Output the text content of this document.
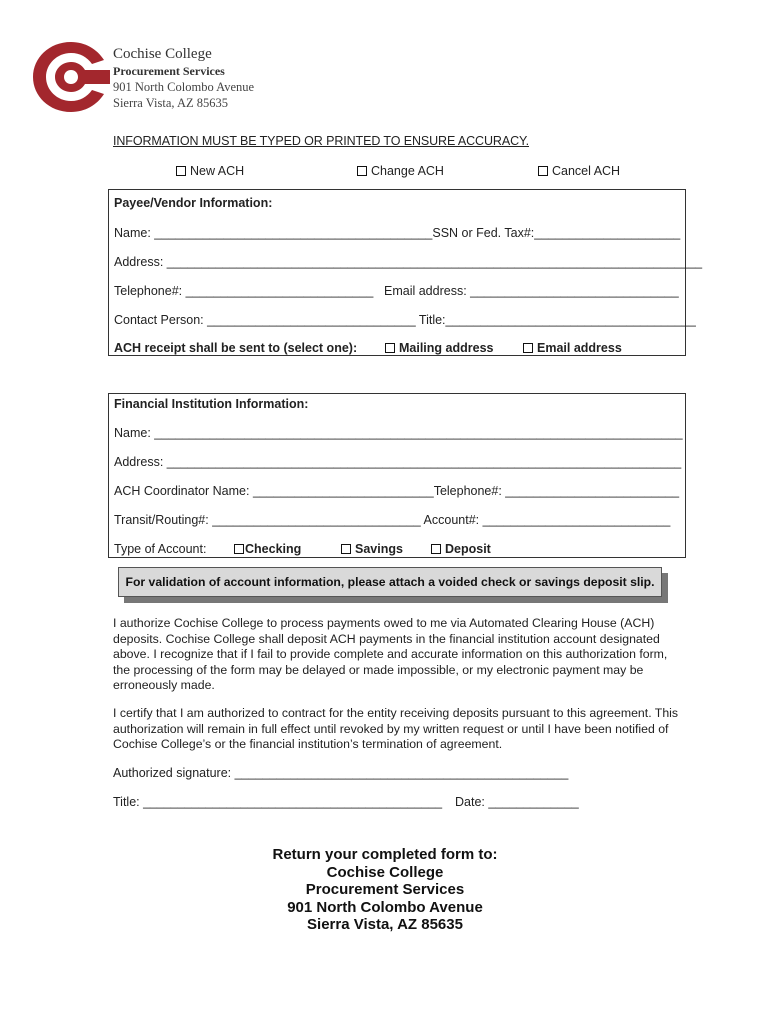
Cochise College
Procurement Services
901 North Colombo Avenue
Sierra Vista, AZ 85635
INFORMATION MUST BE TYPED OR PRINTED TO ENSURE ACCURACY.
New ACH	Change ACH	Cancel ACH
Payee/Vendor Information:
Name: ________________________________________SSN or Fed. Tax#:_____________________
Address: _____________________________________________________________________________
Telephone#: ___________________________ Email address: ______________________________
Contact Person: ______________________________ Title:____________________________________
ACH receipt shall be sent to (select one):	Mailing address	Email address
Financial Institution Information:
Name: ____________________________________________________________________________
Address: __________________________________________________________________________
ACH Coordinator Name: __________________________Telephone#: _________________________
Transit/Routing#: ______________________________ Account#: ___________________________
Type of Account:	Checking	Savings	Deposit
For validation of account information, please attach a voided check or savings deposit slip.
I authorize Cochise College to process payments owed to me via Automated Clearing House (ACH) deposits. Cochise College shall deposit ACH payments in the financial institution account designated above. I recognize that if I fail to provide complete and accurate information on this authorization form, the processing of the form may be delayed or made impossible, or my electronic payment may be erroneously made.
I certify that I am authorized to contract for the entity receiving deposits pursuant to this agreement. This authorization will remain in full effect until revoked by my written request or until I have been notified of Cochise College’s or the financial institution’s termination of agreement.
Authorized signature: ________________________________________________
Title: ___________________________________________ Date: _____________
Return your completed form to:
Cochise College
Procurement Services
901 North Colombo Avenue
Sierra Vista, AZ 85635
